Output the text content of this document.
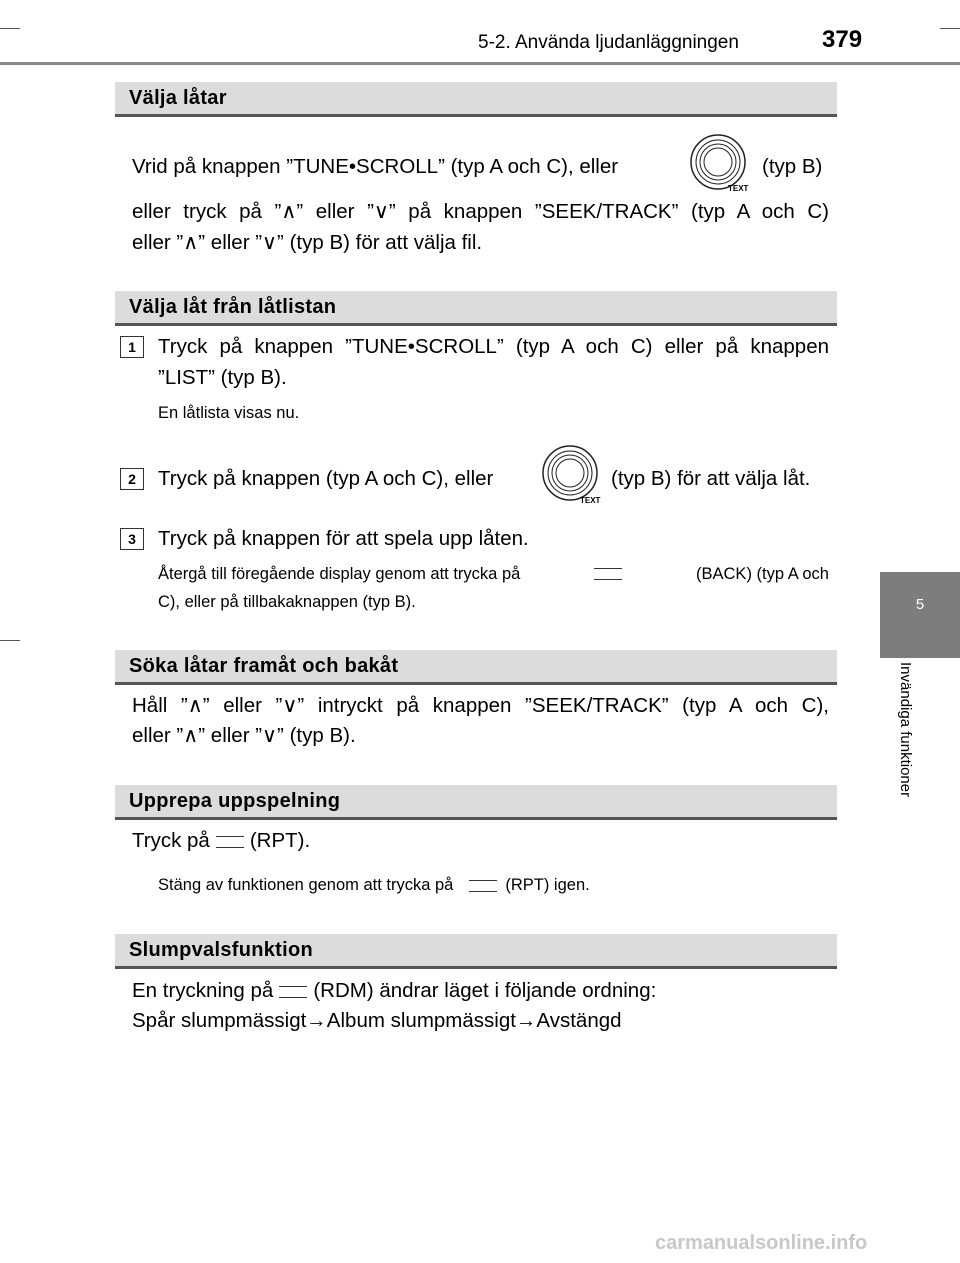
5-2. Använda ljudanläggningen	379
5
Invändiga funktioner
Välja låtar
Vrid på knappen ”TUNE•SCROLL” (typ A och C), eller
TEXT
(typ B)
eller tryck på ”∧” eller ”∨” på knappen ”SEEK/TRACK” (typ A och C)
eller ”∧” eller ”∨” (typ B) för att välja fil.
Välja låt från låtlistan
1	Tryck på knappen ”TUNE•SCROLL” (typ A och C) eller på knappen
”LIST” (typ B).
En låtlista visas nu.
2	Tryck på knappen (typ A och C), eller
TEXT
(typ B) för att välja låt.
3	Tryck på knappen för att spela upp låten.
Återgå till föregående display genom att trycka på	(BACK) (typ A och
C), eller på tillbakaknappen (typ B).
Söka låtar framåt och bakåt
Håll ”∧” eller ”∨” intryckt på knappen ”SEEK/TRACK” (typ A och C),
eller ”∧” eller ”∨” (typ B).
Upprepa uppspelning
Tryck på (RPT).
Stäng av funktionen genom att trycka på	(RPT) igen.
Slumpvalsfunktion
En tryckning på (RDM) ändrar läget i följande ordning:
Spår slumpmässigt→Album slumpmässigt→Avstängd
carmanualsonline.info
